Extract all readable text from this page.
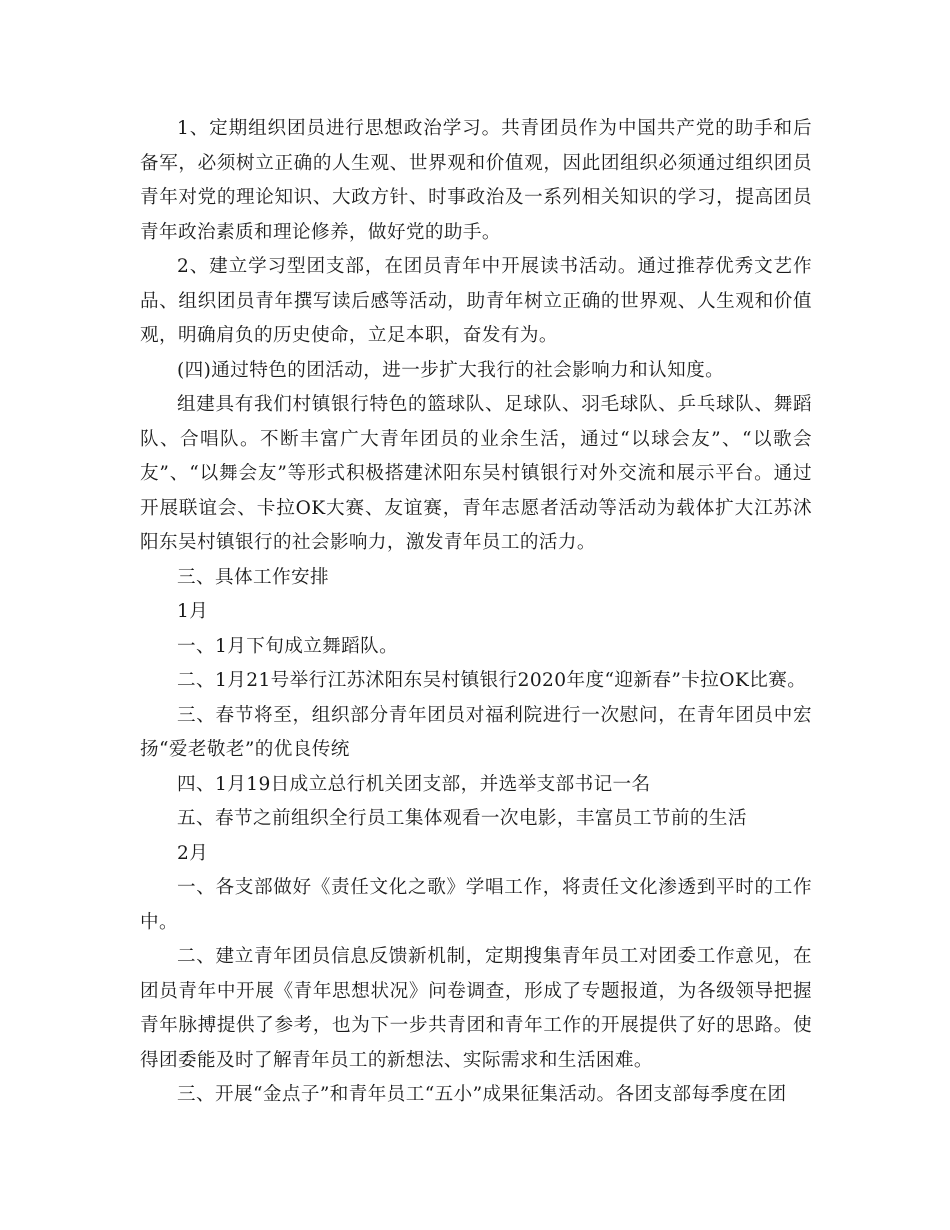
1、定期组织团员进行思想政治学习。共青团员作为中国共产党的助手和后备军，必须树立正确的人生观、世界观和价值观，因此团组织必须通过组织团员青年对党的理论知识、大政方针、时事政治及一系列相关知识的学习，提高团员青年政治素质和理论修养，做好党的助手。

2、建立学习型团支部，在团员青年中开展读书活动。通过推荐优秀文艺作品、组织团员青年撰写读后感等活动，助青年树立正确的世界观、人生观和价值观，明确肩负的历史使命，立足本职，奋发有为。

(四)通过特色的团活动，进一步扩大我行的社会影响力和认知度。

组建具有我们村镇银行特色的篮球队、足球队、羽毛球队、乒乓球队、舞蹈队、合唱队。不断丰富广大青年团员的业余生活，通过“以球会友”、“以歌会友”、“以舞会友”等形式积极搭建沭阳东吴村镇银行对外交流和展示平台。通过开展联谊会、卡拉OK大赛、友谊赛，青年志愿者活动等活动为载体扩大江苏沭阳东吴村镇银行的社会影响力，激发青年员工的活力。

三、具体工作安排

1月

一、1月下旬成立舞蹈队。

二、1月21号举行江苏沭阳东吴村镇银行2020年度“迎新春”卡拉OK比赛。

三、春节将至，组织部分青年团员对福利院进行一次慰问，在青年团员中宏扬“爱老敬老”的优良传统

四、1月19日成立总行机关团支部，并选举支部书记一名

五、春节之前组织全行员工集体观看一次电影，丰富员工节前的生活

2月

一、各支部做好《责任文化之歌》学唱工作，将责任文化渗透到平时的工作中。

二、建立青年团员信息反馈新机制，定期搜集青年员工对团委工作意见，在团员青年中开展《青年思想状况》问卷调查，形成了专题报道，为各级领导把握青年脉搏提供了参考，也为下一步共青团和青年工作的开展提供了好的思路。使得团委能及时了解青年员工的新想法、实际需求和生活困难。

三、开展“金点子”和青年员工“五小”成果征集活动。各团支部每季度在团
